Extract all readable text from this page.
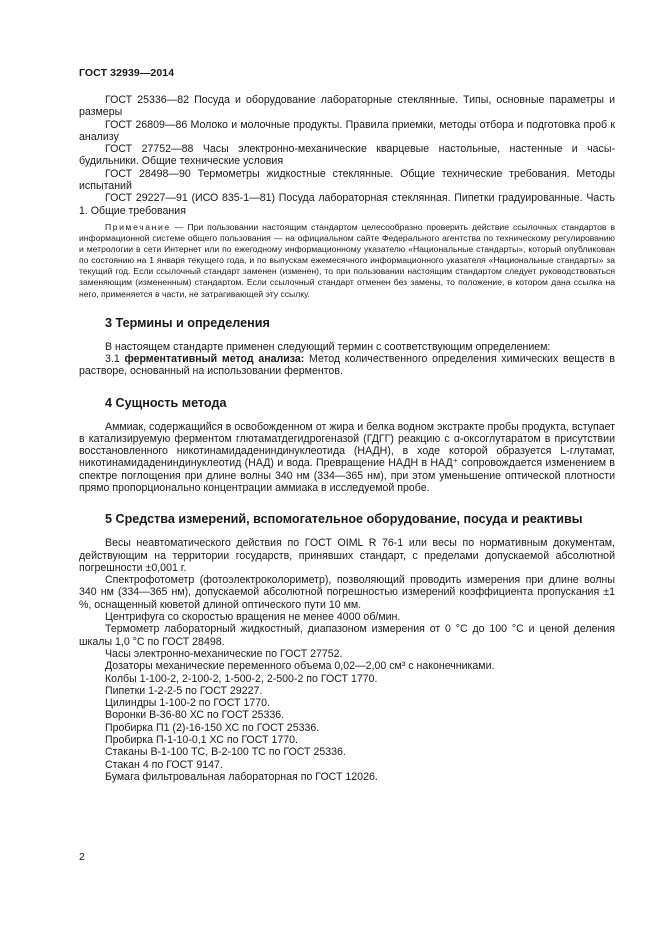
ГОСТ 32939—2014

ГОСТ 25336—82 Посуда и оборудование лабораторные стеклянные. Типы, основные параметры и размеры

ГОСТ 26809—86 Молоко и молочные продукты. Правила приемки, методы отбора и подготовка проб к анализу

ГОСТ 27752—88 Часы электронно-механические кварцевые настольные, настенные и часы-будильники. Общие технические условия

ГОСТ 28498—90 Термометры жидкостные стеклянные. Общие технические требования. Методы испытаний

ГОСТ 29227—91 (ИСО 835-1—81) Посуда лабораторная стеклянная. Пипетки градуированные. Часть 1. Общие требования

Примечание — При пользовании настоящим стандартом целесообразно проверить действие ссылочных стандартов в информационной системе общего пользования — на официальном сайте Федерального агентства по техническому регулированию и метрологии в сети Интернет или по ежегодному информационному указателю «Национальные стандарты», который опубликован по состоянию на 1 января текущего года, и по выпускам ежемесячного информационного указателя «Национальные стандарты» за текущий год. Если ссылочный стандарт заменен (изменен), то при пользовании настоящим стандартом следует руководствоваться заменяющим (измененным) стандартом. Если ссылочный стандарт отменен без замены, то положение, в котором дана ссылка на него, применяется в части, не затрагивающей эту ссылку.

3 Термины и определения

В настоящем стандарте применен следующий термин с соответствующим определением:

3.1 ферментативный метод анализа: Метод количественного определения химических веществ в растворе, основанный на использовании ферментов.

4 Сущность метода

Аммиак, содержащийся в освобожденном от жира и белка водном экстракте пробы продукта, вступает в катализируемую ферментом глютаматдегидрогеназой (ГДГГ) реакцию с α-оксоглутаратом в присутствии восстановленного никотинамидадениндинуклеотида (НАДН), в ходе которой образуется L-глутамат, никотинамидадениндинуклеотид (НАД) и вода. Превращение НАДН в НАД⁺ сопровождается изменением в спектре поглощения при длине волны 340 нм (334—365 нм), при этом уменьшение оптической плотности прямо пропорционально концентрации аммиака в исследуемой пробе.

5 Средства измерений, вспомогательное оборудование, посуда и реактивы

Весы неавтоматического действия по ГОСТ OIML R 76-1 или весы по нормативным документам, действующим на территории государств, принявших стандарт, с пределами допускаемой абсолютной погрешности ±0,001 г.

Спектрофотометр (фотоэлектроколориметр), позволяющий проводить измерения при длине волны 340 нм (334—365 нм), допускаемой абсолютной погрешностью измерений коэффициента пропускания ±1 %, оснащенный кюветой длиной оптического пути 10 мм.

Центрифуга со скоростью вращения не менее 4000 об/мин.

Термометр лабораторный жидкостный, диапазоном измерения от 0 °С до 100 °С и ценой деления шкалы 1,0 °С по ГОСТ 28498.

Часы электронно-механические по ГОСТ 27752.

Дозаторы механические переменного объема 0,02—2,00 см³ с наконечниками.

Колбы 1-100-2, 2-100-2, 1-500-2, 2-500-2 по ГОСТ 1770.

Пипетки 1-2-2-5 по ГОСТ 29227.

Цилиндры 1-100-2 по ГОСТ 1770.

Воронки В-36-80 ХС по ГОСТ 25336.

Пробирка П1 (2)-16-150 ХС по ГОСТ 25336.

Пробирка П-1-10-0,1 ХС по ГОСТ 1770.

Стаканы В-1-100 ТС, В-2-100 ТС по ГОСТ 25336.

Стакан 4 по ГОСТ 9147.

Бумага фильтровальная лабораторная по ГОСТ 12026.

2
